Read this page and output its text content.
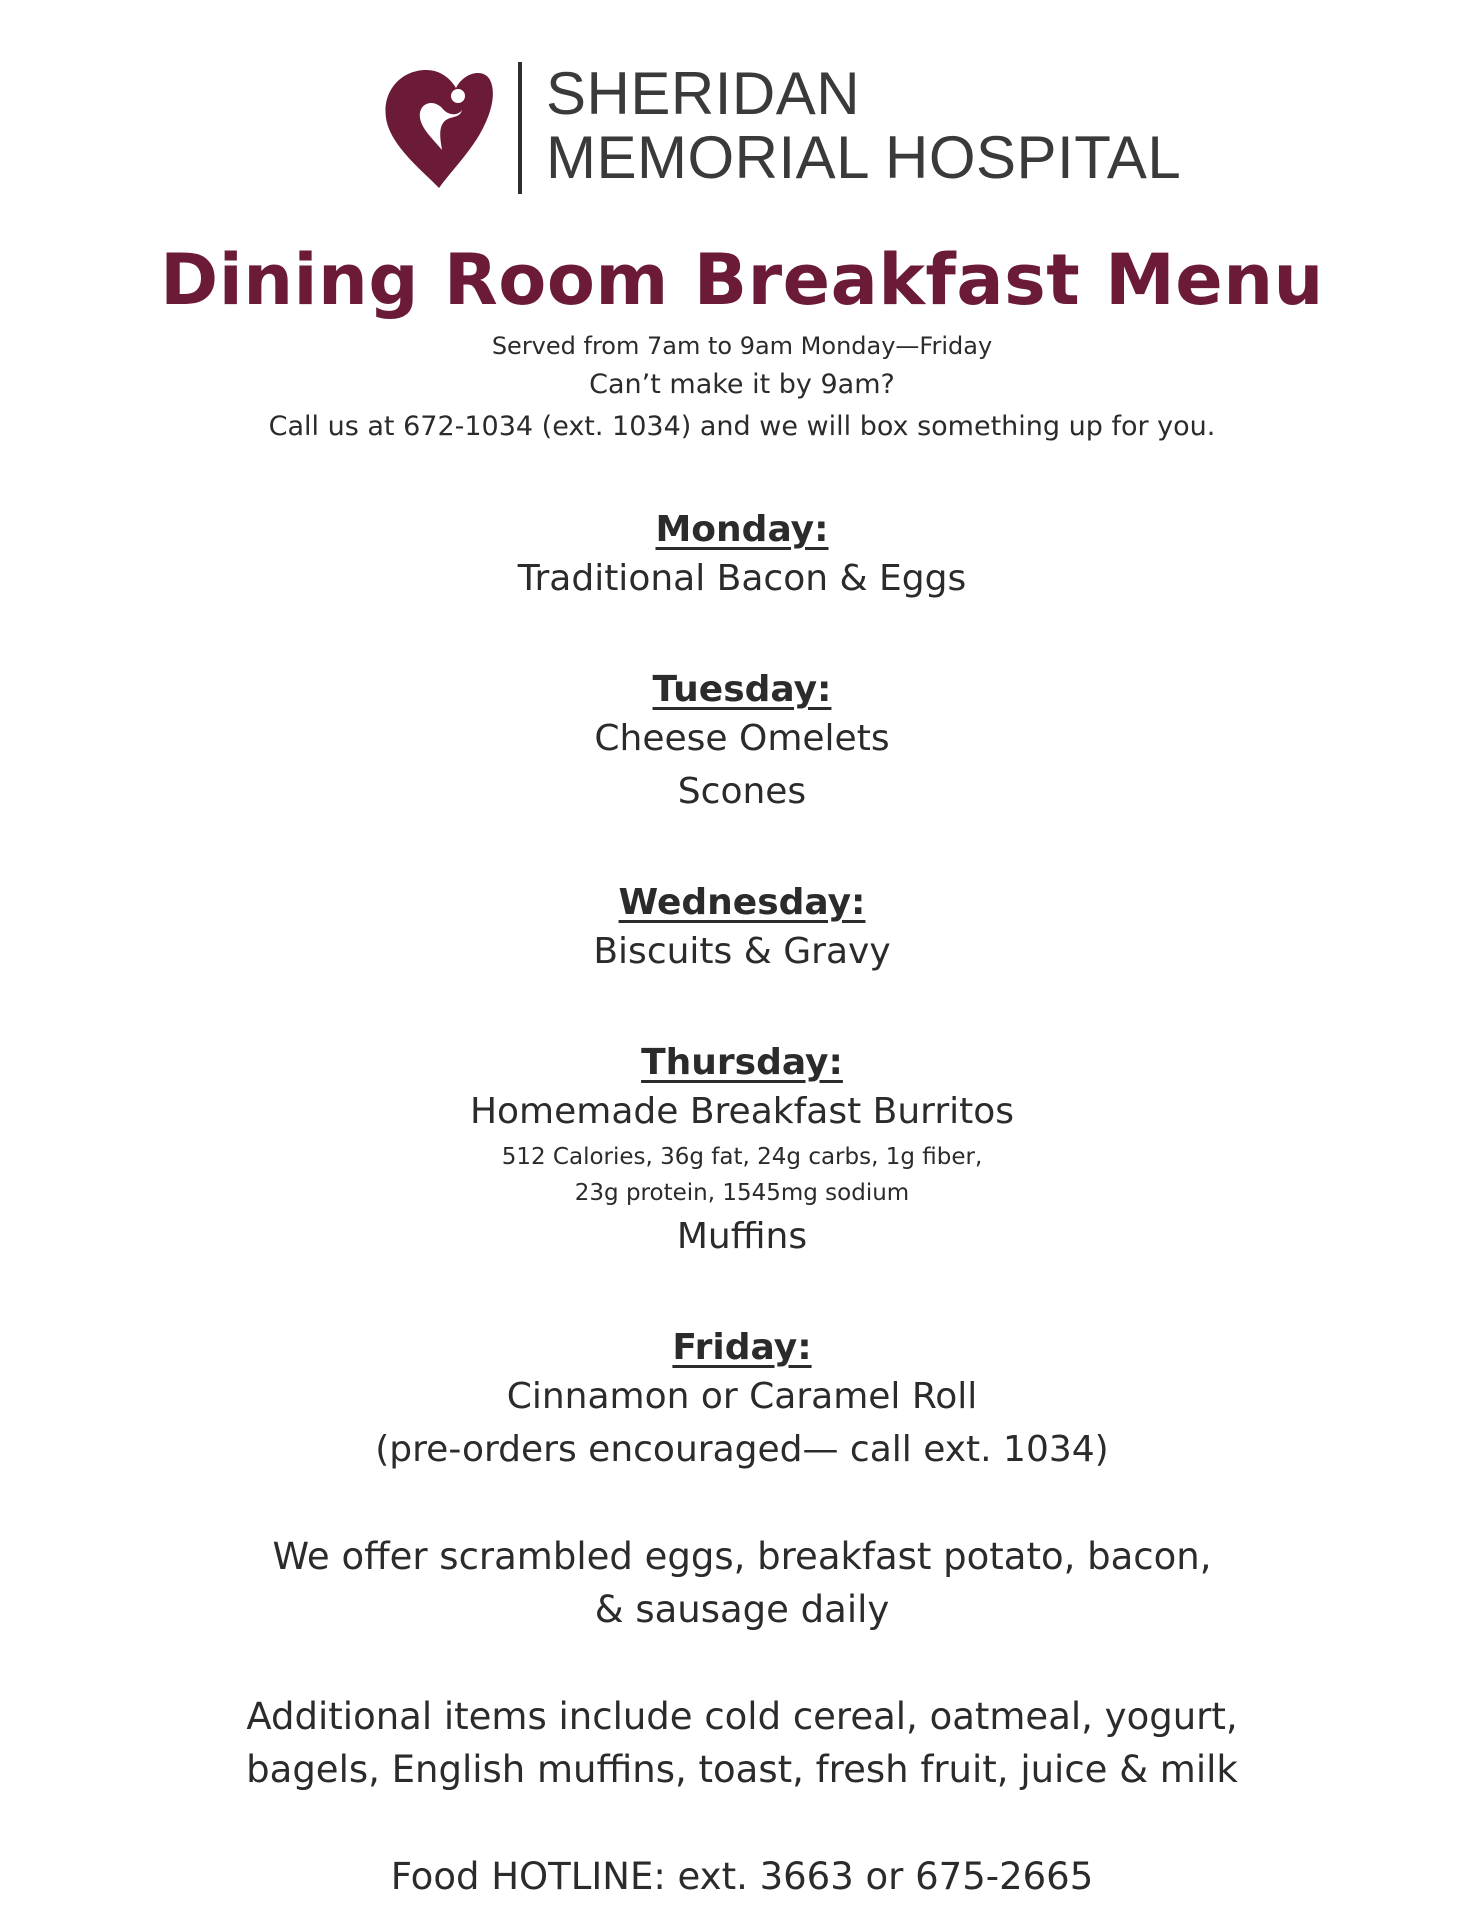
SHERIDAN
MEMORIAL HOSPITAL
Dining Room Breakfast Menu
Served from 7am to 9am Monday—Friday
Can’t make it by 9am?
Call us at 672-1034 (ext. 1034) and we will box something up for you.
Monday:
Traditional Bacon & Eggs
Tuesday:
Cheese Omelets
Scones
Wednesday:
Biscuits & Gravy
Thursday:
Homemade Breakfast Burritos
512 Calories, 36g fat, 24g carbs, 1g fiber,
23g protein, 1545mg sodium
Muffins
Friday:
Cinnamon or Caramel Roll
(pre-orders encouraged— call ext. 1034)
We offer scrambled eggs, breakfast potato, bacon,
& sausage daily
Additional items include cold cereal, oatmeal, yogurt,
bagels, English muffins, toast, fresh fruit, juice & milk
Food HOTLINE: ext. 3663 or 675-2665
